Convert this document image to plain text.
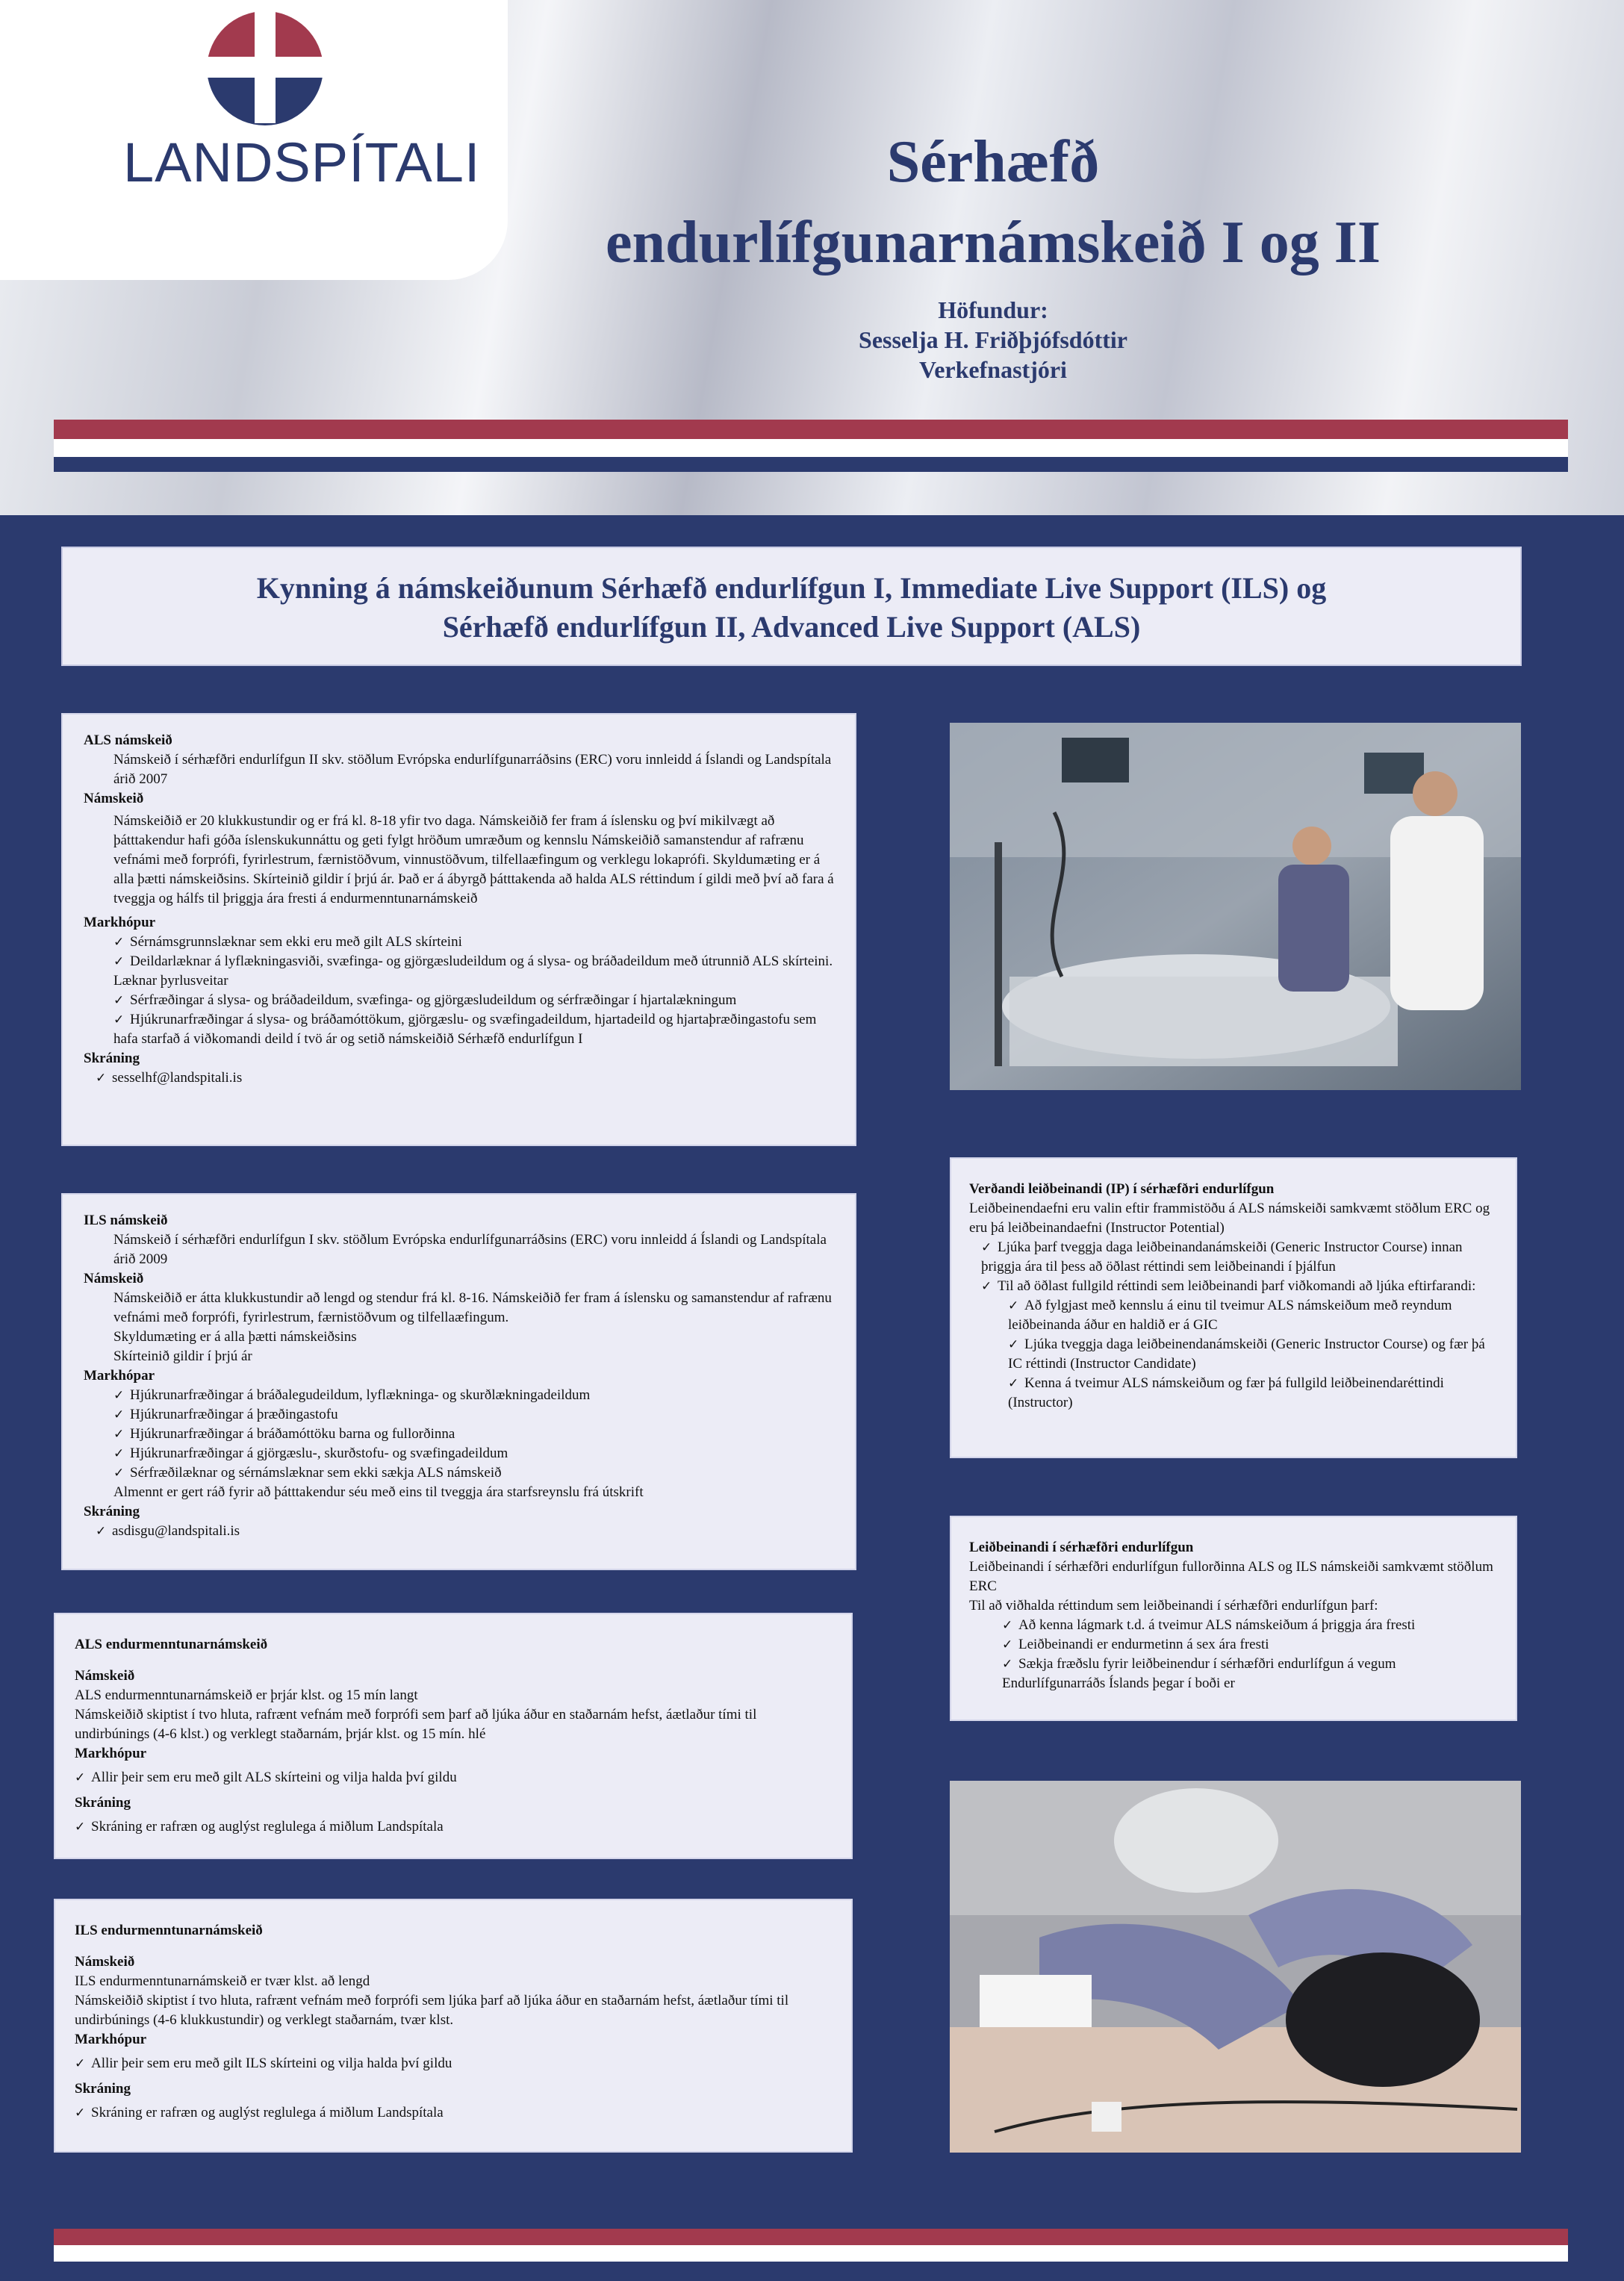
LANDSPÍTALI	Sérhæfð
endurlífgunarnámskeið I og II
Höfundur:
Sesselja H. Friðþjófsdóttir
Verkefnastjóri
Kynning á námskeiðunum Sérhæfð endurlífgun I, Immediate Live Support (ILS) og
Sérhæfð endurlífgun II, Advanced Live Support (ALS)
ALS námskeið
Námskeið í sérhæfðri endurlífgun II skv. stöðlum Evrópska endurlífgunarráðsins (ERC) voru innleidd á Íslandi og Landspítala árið 2007
Námskeið
Námskeiðið er 20 klukkustundir og er frá kl. 8-18 yfir tvo daga. Námskeiðið fer fram á íslensku og því mikilvægt að þátttakendur hafi góða íslenskukunnáttu og geti fylgt hröðum umræðum og kennslu Námskeiðið samanstendur af rafrænu vefnámi með forprófi, fyrirlestrum, færnistöðvum, vinnustöðvum, tilfellaæfingum og verklegu lokaprófi. Skyldumæting er á alla þætti námskeiðsins. Skírteinið gildir í þrjú ár. Það er á ábyrgð þátttakenda að halda ALS réttindum í gildi með því að fara á tveggja og hálfs til þriggja ára fresti á endurmenntunarnámskeið
Markhópur
✓ Sérnámsgrunnslæknar sem ekki eru með gilt ALS skírteini
✓ Deildarlæknar á lyflækningasviði, svæfinga- og gjörgæsludeildum og á slysa- og bráðadeildum með útrunnið ALS skírteini. Læknar þyrlusveitar
✓ Sérfræðingar á slysa- og bráðadeildum, svæfinga- og gjörgæsludeildum og sérfræðingar í hjartalækningum
✓ Hjúkrunarfræðingar á slysa- og bráðamóttökum, gjörgæslu- og svæfingadeildum, hjartadeild og hjartaþræðingastofu sem hafa starfað á viðkomandi deild í tvö ár og setið námskeiðið Sérhæfð endurlífgun I
Skráning
✓ sesselhf@landspitali.is
ILS námskeið
Námskeið í sérhæfðri endurlífgun I skv. stöðlum Evrópska endurlífgunarráðsins (ERC) voru innleidd á Íslandi og Landspítala árið 2009
Námskeið
Námskeiðið er átta klukkustundir að lengd og stendur frá kl. 8-16. Námskeiðið fer fram á íslensku og samanstendur af rafrænu vefnámi með forprófi, fyrirlestrum, færnistöðvum og tilfellaæfingum.
Skyldumæting er á alla þætti námskeiðsins
Skírteinið gildir í þrjú ár
Markhópar
✓ Hjúkrunarfræðingar á bráðalegudeildum, lyflækninga- og skurðlækningadeildum
✓ Hjúkrunarfræðingar á þræðingastofu
✓ Hjúkrunarfræðingar á bráðamóttöku barna og fullorðinna
✓ Hjúkrunarfræðingar á gjörgæslu-, skurðstofu- og svæfingadeildum
✓ Sérfræðilæknar og sérnámslæknar sem ekki sækja ALS námskeið
Almennt er gert ráð fyrir að þátttakendur séu með eins til tveggja ára starfsreynslu frá útskrift
Skráning
✓ asdisgu@landspitali.is
ALS endurmenntunarnámskeið
Námskeið
ALS endurmenntunarnámskeið er þrjár klst. og 15 mín langt
Námskeiðið skiptist í tvo hluta, rafrænt vefnám með forprófi sem þarf að ljúka áður en staðarnám hefst, áætlaður tími til undirbúnings (4-6 klst.) og verklegt staðarnám, þrjár klst. og 15 mín. hlé
Markhópur
✓ Allir þeir sem eru með gilt ALS skírteini og vilja halda því gildu
Skráning
✓ Skráning er rafræn og auglýst reglulega á miðlum Landspítala
ILS endurmenntunarnámskeið
Námskeið
ILS endurmenntunarnámskeið er tvær klst. að lengd
Námskeiðið skiptist í tvo hluta, rafrænt vefnám með forprófi sem ljúka þarf að ljúka áður en staðarnám hefst, áætlaður tími til undirbúnings (4-6 klukkustundir) og verklegt staðarnám, tvær klst.
Markhópur
✓ Allir þeir sem eru með gilt ILS skírteini og vilja halda því gildu
Skráning
✓ Skráning er rafræn og auglýst reglulega á miðlum Landspítala
Verðandi leiðbeinandi (IP) í sérhæfðri endurlífgun
Leiðbeinendaefni eru valin eftir frammistöðu á ALS námskeiði samkvæmt stöðlum ERC og eru þá leiðbeinandaefni (Instructor Potential)
✓ Ljúka þarf tveggja daga leiðbeinandanámskeiði (Generic Instructor Course) innan þriggja ára til þess að öðlast réttindi sem leiðbeinandi í þjálfun
✓ Til að öðlast fullgild réttindi sem leiðbeinandi þarf viðkomandi að ljúka eftirfarandi:
✓ Að fylgjast með kennslu á einu til tveimur ALS námskeiðum með reyndum leiðbeinanda áður en haldið er á GIC
✓ Ljúka tveggja daga leiðbeinendanámskeiði (Generic Instructor Course) og fær þá IC réttindi (Instructor Candidate)
✓ Kenna á tveimur ALS námskeiðum og fær þá fullgild leiðbeinendaréttindi (Instructor)
Leiðbeinandi í sérhæfðri endurlífgun
Leiðbeinandi í sérhæfðri endurlífgun fullorðinna ALS og ILS námskeiði samkvæmt stöðlum ERC
Til að viðhalda réttindum sem leiðbeinandi í sérhæfðri endurlífgun þarf:
✓ Að kenna lágmark t.d. á tveimur ALS námskeiðum á þriggja ára fresti
✓ Leiðbeinandi er endurmetinn á sex ára fresti
✓ Sækja fræðslu fyrir leiðbeinendur í sérhæfðri endurlífgun á vegum Endurlífgunarráðs Íslands þegar í boði er
